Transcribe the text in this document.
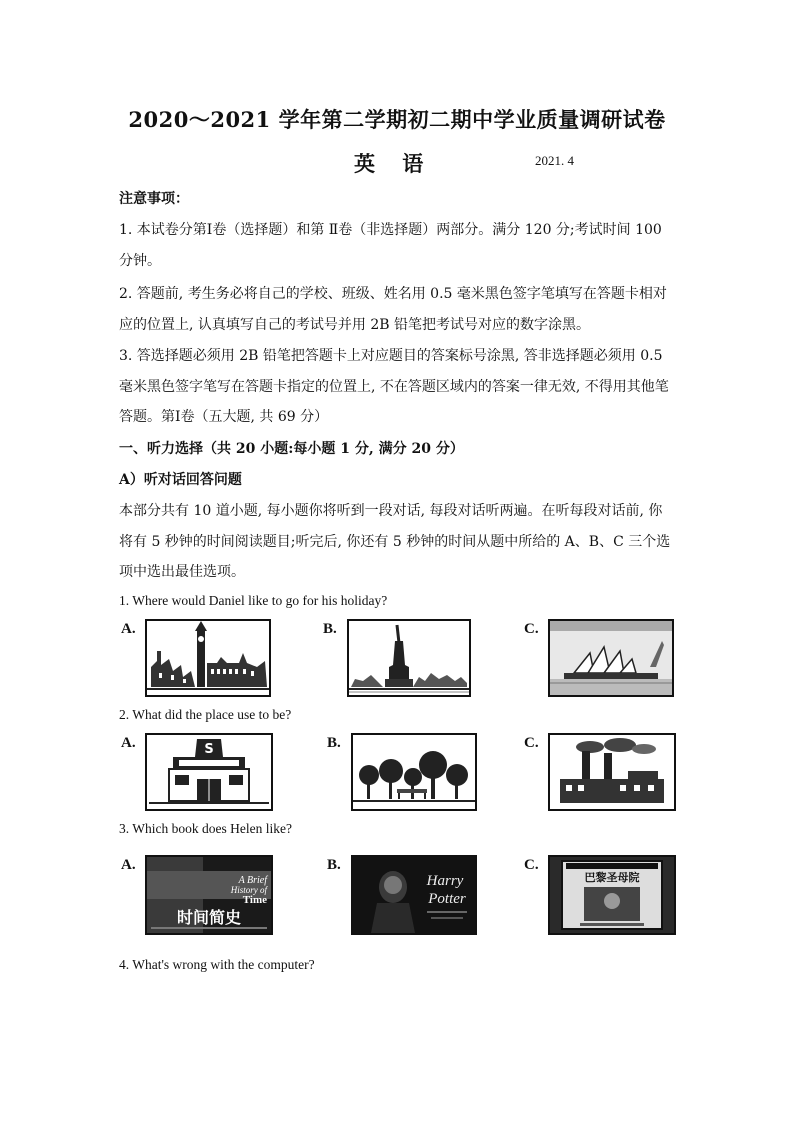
2020～2021 学年第二学期初二期中学业质量调研试卷
英 语	2021. 4
注意事项：
1. 本试卷分第Ⅰ卷（选择题）和第 Ⅱ卷（非选择题）两部分。满分 120 分;考试时间 100
分钟。
2. 答题前, 考生务必将自己的学校、班级、姓名用 0.5 毫米黑色签字笔填写在答题卡相对
应的位置上, 认真填写自己的考试号并用 2B 铅笔把考试号对应的数字涂黑。
3. 答选择题必须用 2B 铅笔把答题卡上对应题目的答案标号涂黑, 答非选择题必须用 0.5
毫米黑色签字笔写在答题卡指定的位置上, 不在答题区域内的答案一律无效, 不得用其他笔
答题。第Ⅰ卷（五大题, 共 69 分）
一、听力选择（共 20 小题:每小题 1 分, 满分 20 分）
A）听对话回答问题
本部分共有 10 道小题, 每小题你将听到一段对话, 每段对话听两遍。在听每段对话前, 你
将有 5 秒钟的时间阅读题目;听完后, 你还有 5 秒钟的时间从题中所给的 A、B、C 三个选
项中选出最佳选项。
1. Where would Daniel like to go for his holiday?
A.	B.	C.
2. What did the place use to be?
A.	S	B.	C.
3. Which book does Helen like?
A.
A Brief
History of
Time
时间简史
B.
Harry
Potter
C.
巴黎圣母院
4. What's wrong with the computer?
